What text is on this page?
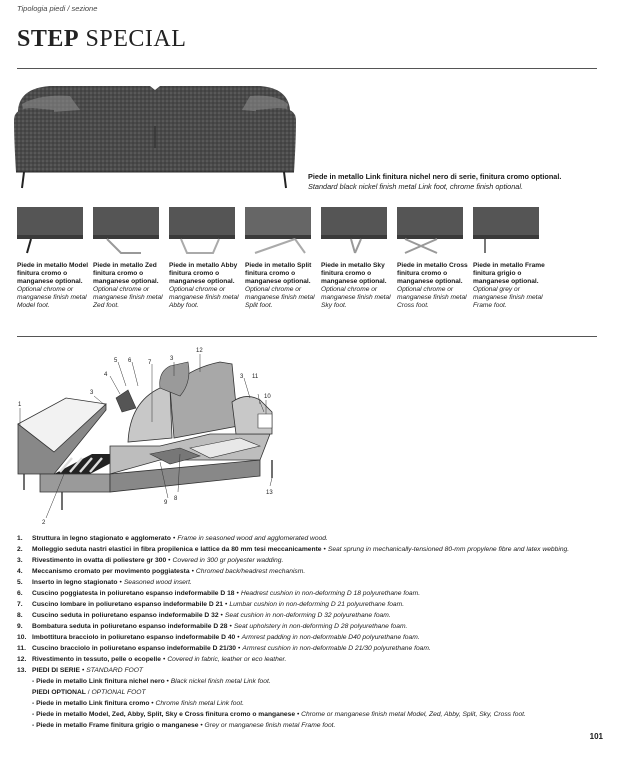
Tipologia piedi / sezione
STEP SPECIAL
Piede in metallo Link finitura nichel nero di serie, finitura cromo optional.
Standard black nickel finish metal Link foot, chrome finish optional.
Piede in metallo Model finitura cromo o manganese optional.
Optional chrome or manganese finish metal Model foot.
Piede in metallo Zed finitura cromo o manganese optional.
Optional chrome or manganese finish metal Zed foot.
Piede in metallo Abby finitura cromo o manganese optional.
Optional chrome or manganese finish metal Abby foot.
Piede in metallo Split finitura cromo o manganese optional.
Optional chrome or manganese finish metal Split foot.
Piede in metallo Sky finitura cromo o manganese optional.
Optional chrome or manganese finish metal Sky foot.
Piede in metallo Cross finitura cromo o manganese optional.
Optional chrome or manganese finish metal Cross foot.
Piede in metallo Frame finitura grigio o manganese optional.
Optional grey or manganese finish metal Frame foot.
1
2
3
3
3
4
5 6	7
8
9
10
11
12
13
1. Struttura in legno stagionato e agglomerato • Frame in seasoned wood and agglomerated wood.
2. Molleggio seduta nastri elastici in fibra propilenica e lattice da 80 mm tesi meccanicamente • Seat sprung in mechanically-tensioned 80-mm propylene fibre and latex webbing.
3. Rivestimento in ovatta di poliestere gr 300 • Covered in 300 gr polyester wadding.
4. Meccanismo cromato per movimento poggiatesta • Chromed back/headrest mechanism.
5. Inserto in legno stagionato • Seasoned wood insert.
6. Cuscino poggiatesta in poliuretano espanso indeformabile D 18 • Headrest cushion in non-deforming D 18 polyurethane foam.
7. Cuscino lombare in poliuretano espanso indeformabile D 21 • Lumbar cushion in non-deforming D 21 polyurethane foam.
8. Cuscino seduta in poliuretano espanso indeformabile D 32 • Seat cushion in non-deforming D 32 polyurethane foam.
9. Bombatura seduta in poliuretano espanso indeformabile D 28 • Seat upholstery in non-deforming D 28 polyurethane foam.
10. Imbottitura bracciolo in poliuretano espanso indeformabile D 40 • Armrest padding in non-deformable D40 polyurethane foam.
11. Cuscino bracciolo in poliuretano espanso indeformabile D 21/30 • Armrest cushion in non-deformable D 21/30 polyurethane foam.
12. Rivestimento in tessuto, pelle o ecopelle • Covered in fabric, leather or eco leather.
13. PIEDI DI SERIE • STANDARD FOOT
- Piede in metallo Link finitura nichel nero • Black nickel finish metal Link foot.
PIEDI OPTIONAL / OPTIONAL FOOT
- Piede in metallo Link finitura cromo • Chrome finish metal Link foot.
- Piede in metallo Model, Zed, Abby, Split, Sky e Cross finitura cromo o manganese • Chrome or manganese finish metal Model, Zed, Abby, Split, Sky, Cross foot.
- Piede in metallo Frame finitura grigio o manganese • Grey or manganese finish metal Frame foot.
101
